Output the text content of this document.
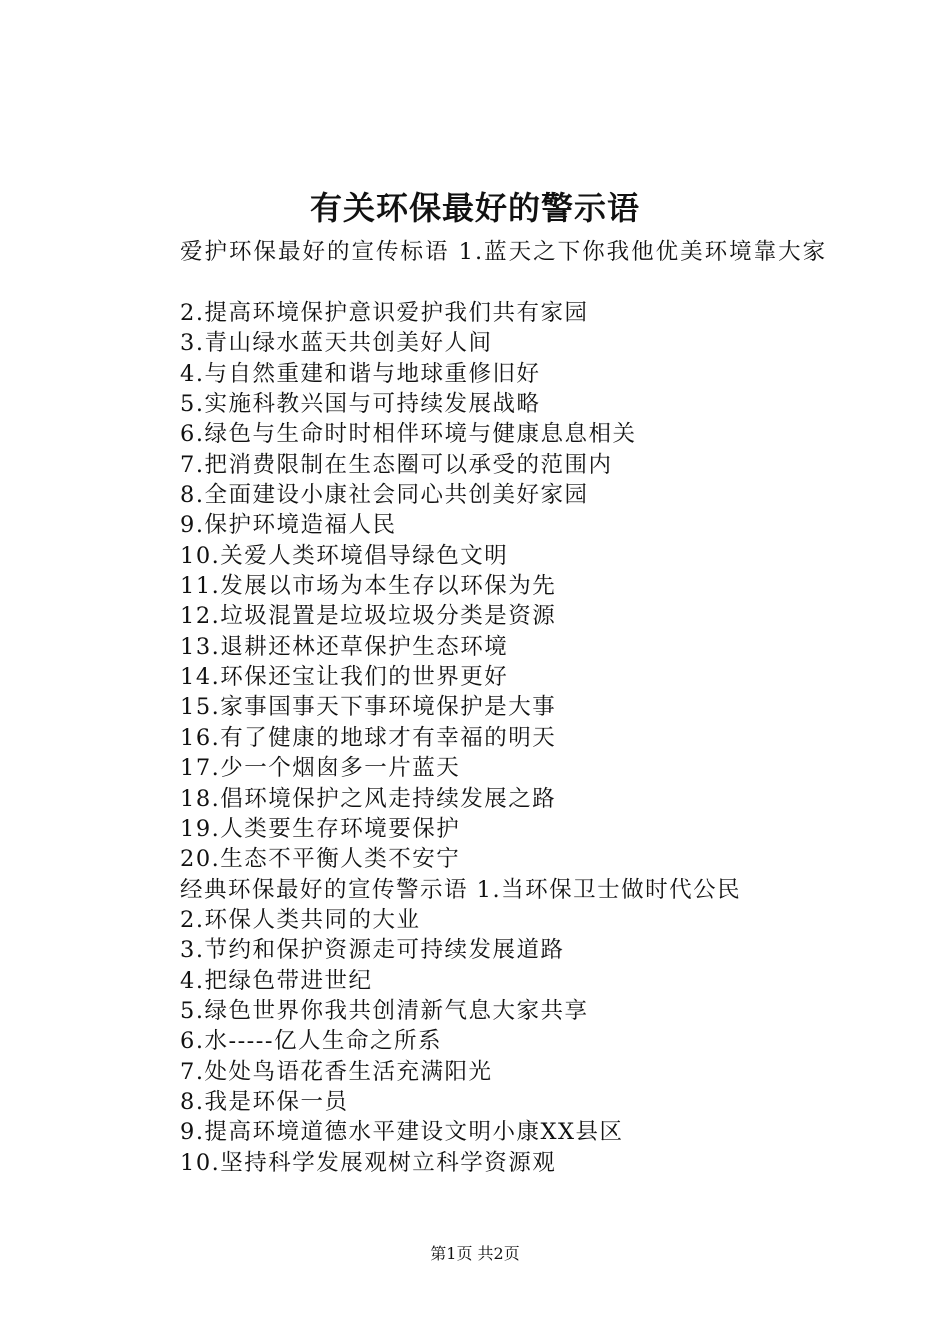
有关环保最好的警示语

爱护环保最好的宣传标语 1.蓝天之下你我他优美环境靠大家

2.提高环境保护意识爱护我们共有家园
3.青山绿水蓝天共创美好人间
4.与自然重建和谐与地球重修旧好
5.实施科教兴国与可持续发展战略
6.绿色与生命时时相伴环境与健康息息相关
7.把消费限制在生态圈可以承受的范围内
8.全面建设小康社会同心共创美好家园
9.保护环境造福人民
10.关爱人类环境倡导绿色文明
11.发展以市场为本生存以环保为先
12.垃圾混置是垃圾垃圾分类是资源
13.退耕还林还草保护生态环境
14.环保还宝让我们的世界更好
15.家事国事天下事环境保护是大事
16.有了健康的地球才有幸福的明天
17.少一个烟囱多一片蓝天
18.倡环境保护之风走持续发展之路
19.人类要生存环境要保护
20.生态不平衡人类不安宁
经典环保最好的宣传警示语 1.当环保卫士做时代公民
2.环保人类共同的大业
3.节约和保护资源走可持续发展道路
4.把绿色带进世纪
5.绿色世界你我共创清新气息大家共享
6.水-----亿人生命之所系
7.处处鸟语花香生活充满阳光
8.我是环保一员
9.提高环境道德水平建设文明小康XX县区
10.坚持科学发展观树立科学资源观

第1页 共2页
